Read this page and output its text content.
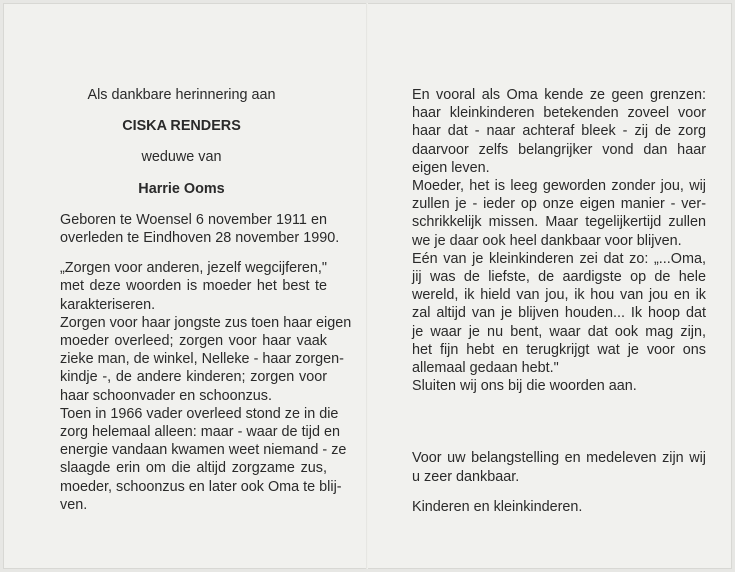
Als dankbare herinnering aan
CISKA RENDERS
weduwe van
Harrie Ooms
Geboren te Woensel 6 november 1911 en
overleden te Eindhoven 28 november 1990.
„Zorgen voor anderen, jezelf wegcijferen,"
met deze woorden is moeder het best te
karakteriseren.
Zorgen voor haar jongste zus toen haar eigen
moeder overleed; zorgen voor haar vaak
zieke man, de winkel, Nelleke - haar zorgen-
kindje -, de andere kinderen; zorgen voor
haar schoonvader en schoonzus.
Toen in 1966 vader overleed stond ze in die
zorg helemaal alleen: maar - waar de tijd en
energie vandaan kwamen weet niemand - ze
slaagde erin om die altijd zorgzame zus,
moeder, schoonzus en later ook Oma te blij-
ven.
En vooral als Oma kende ze geen grenzen:
haar kleinkinderen betekenden zoveel voor
haar dat - naar achteraf bleek - zij de zorg
daarvoor zelfs belangrijker vond dan haar
eigen leven.
Moeder, het is leeg geworden zonder jou, wij
zullen je - ieder op onze eigen manier - ver-
schrikkelijk missen. Maar tegelijkertijd zullen
we je daar ook heel dankbaar voor blijven.
Eén van je kleinkinderen zei dat zo: „...Oma,
jij was de liefste, de aardigste op de hele
wereld, ik hield van jou, ik hou van jou en ik
zal altijd van je blijven houden... Ik hoop dat
je waar je nu bent, waar dat ook mag zijn,
het fijn hebt en terugkrijgt wat je voor ons
allemaal gedaan hebt."
Sluiten wij ons bij die woorden aan.
Voor uw belangstelling en medeleven zijn wij
u zeer dankbaar.
Kinderen en kleinkinderen.
